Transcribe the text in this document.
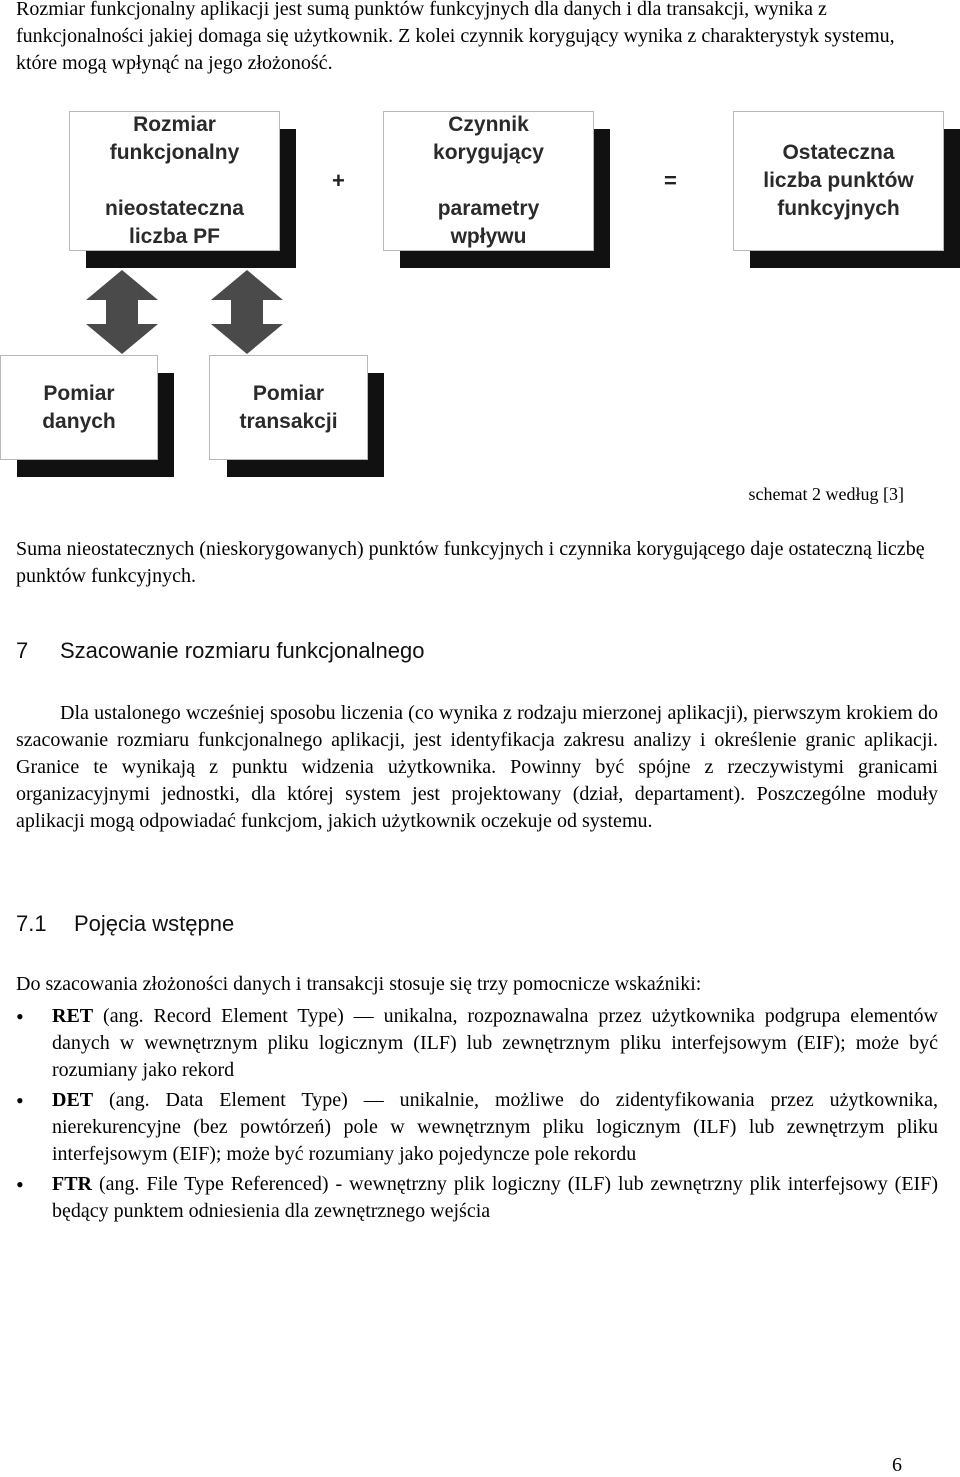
Rozmiar funkcjonalny aplikacji jest sumą punktów funkcyjnych dla danych i dla transakcji, wynika z funkcjonalności jakiej domaga się użytkownik. Z kolei czynnik korygujący wynika z charakterystyk systemu, które mogą wpłynąć na jego złożoność.
Rozmiar
funkcjonalny
nieostateczna
liczba PF
+
Czynnik
korygujący
parametry
wpływu
=
Ostateczna
liczba punktów
funkcyjnych
Pomiar
danych
Pomiar
transakcji
schemat 2 według [3]
Suma nieostatecznych (nieskorygowanych) punktów funkcyjnych i czynnika korygującego daje ostateczną liczbę punktów funkcyjnych.
7 Szacowanie rozmiaru funkcjonalnego
Dla ustalonego wcześniej sposobu liczenia (co wynika z rodzaju mierzonej aplikacji), pierwszym krokiem do szacowanie rozmiaru funkcjonalnego aplikacji, jest identyfikacja zakresu analizy i określenie granic aplikacji. Granice te wynikają z punktu widzenia użytkownika. Powinny być spójne z rzeczywistymi granicami organizacyjnymi jednostki, dla której system jest projektowany (dział, departament). Poszczególne moduły aplikacji mogą odpowiadać funkcjom, jakich użytkownik oczekuje od systemu.
7.1 Pojęcia wstępne
Do szacowania złożoności danych i transakcji stosuje się trzy pomocnicze wskaźniki:
• RET (ang. Record Element Type) ― unikalna, rozpoznawalna przez użytkownika podgrupa elementów danych w wewnętrznym pliku logicznym (ILF) lub zewnętrznym pliku interfejsowym (EIF); może być rozumiany jako rekord
• DET (ang. Data Element Type) ― unikalnie, możliwe do zidentyfikowania przez użytkownika, nierekurencyjne (bez powtórzeń) pole w wewnętrznym pliku logicznym (ILF) lub zewnętrzym pliku interfejsowym (EIF); może być rozumiany jako pojedyncze pole rekordu
• FTR (ang. File Type Referenced) - wewnętrzny plik logiczny (ILF) lub zewnętrzny plik interfejsowy (EIF) będący punktem odniesienia dla zewnętrznego wejścia
6
